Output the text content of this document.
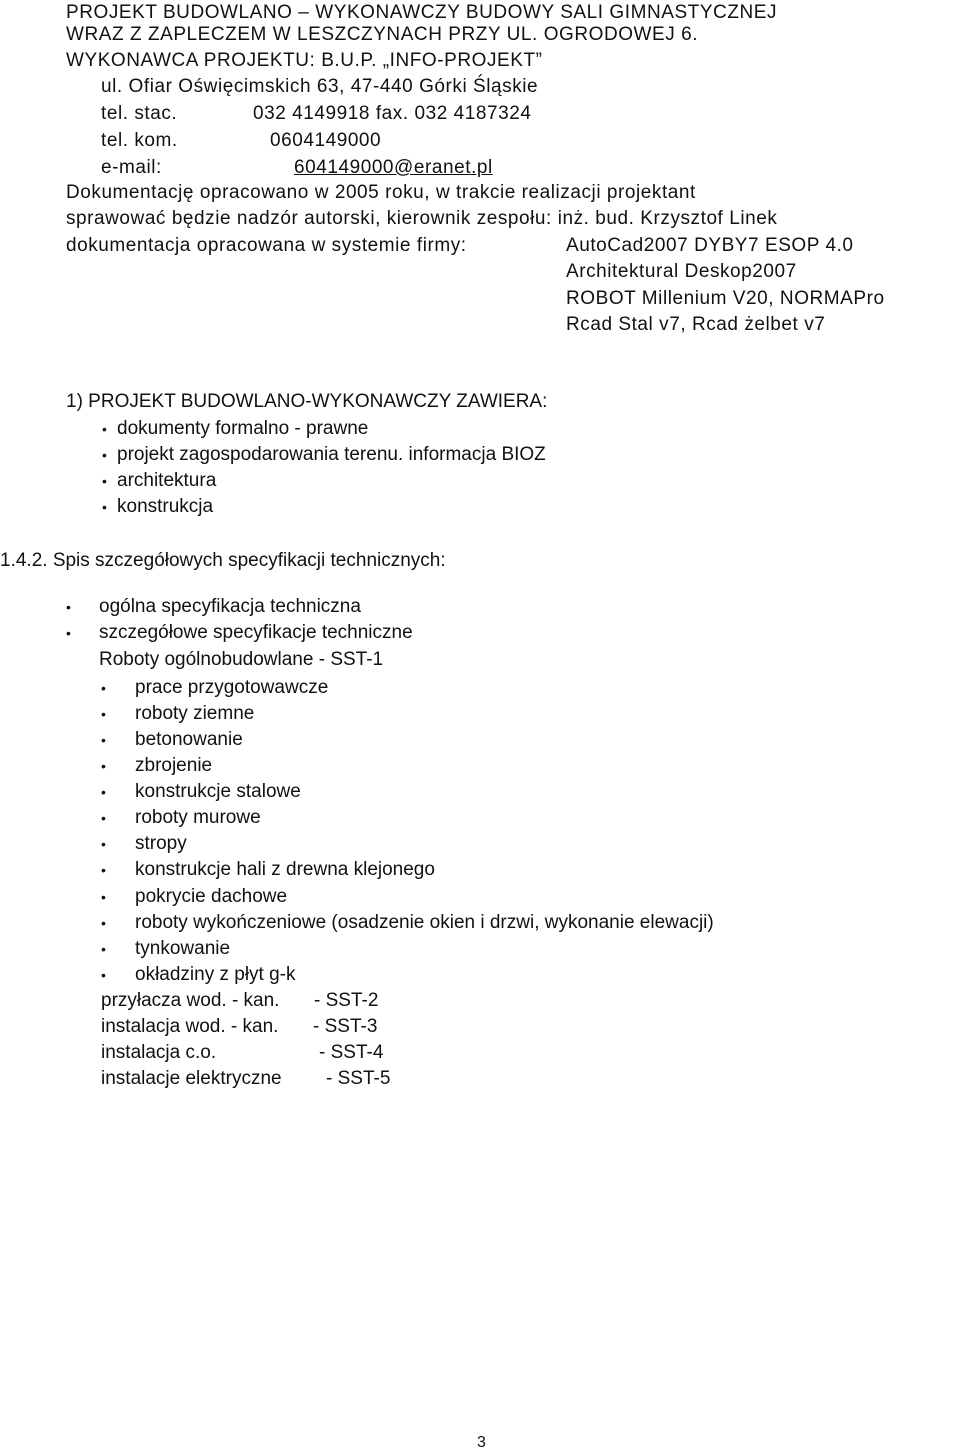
PROJEKT BUDOWLANO – WYKONAWCZY BUDOWY SALI GIMNASTYCZNEJ
WRAZ Z ZAPLECZEM W LESZCZYNACH PRZY UL. OGRODOWEJ 6.
WYKONAWCA PROJEKTU: B.U.P. „INFO-PROJEKT”
ul. Ofiar Oświęcimskich 63, 47-440 Górki Śląskie
tel. stac.	032 4149918 fax. 032 4187324
tel. kom.	0604149000
e-mail:	604149000@eranet.pl
Dokumentację opracowano w 2005 roku, w trakcie realizacji projektant
sprawować będzie nadzór autorski, kierownik zespołu: inż. bud. Krzysztof Linek
dokumentacja opracowana w systemie firmy:	AutoCad2007 DYBY7 ESOP 4.0
Architektural Deskop2007
ROBOT Millenium V20, NORMAPro
Rcad Stal v7, Rcad żelbet v7
1) PROJEKT BUDOWLANO-WYKONAWCZY ZAWIERA:
• dokumenty formalno - prawne
• projekt zagospodarowania terenu. informacja BIOZ
• architektura
• konstrukcja
1.4.2. Spis szczegółowych specyfikacji technicznych:
• ogólna specyfikacja techniczna
• szczegółowe specyfikacje techniczne
Roboty ogólnobudowlane - SST-1
• prace przygotowawcze
• roboty ziemne
• betonowanie
• zbrojenie
• konstrukcje stalowe
• roboty murowe
• stropy
• konstrukcje hali z drewna klejonego
• pokrycie dachowe
• roboty wykończeniowe (osadzenie okien i drzwi, wykonanie elewacji)
• tynkowanie
• okładziny z płyt g-k
przyłacza wod. - kan. - SST-2
instalacja wod. - kan. - SST-3
instalacja c.o.	- SST-4
instalacje elektryczne - SST-5
3
